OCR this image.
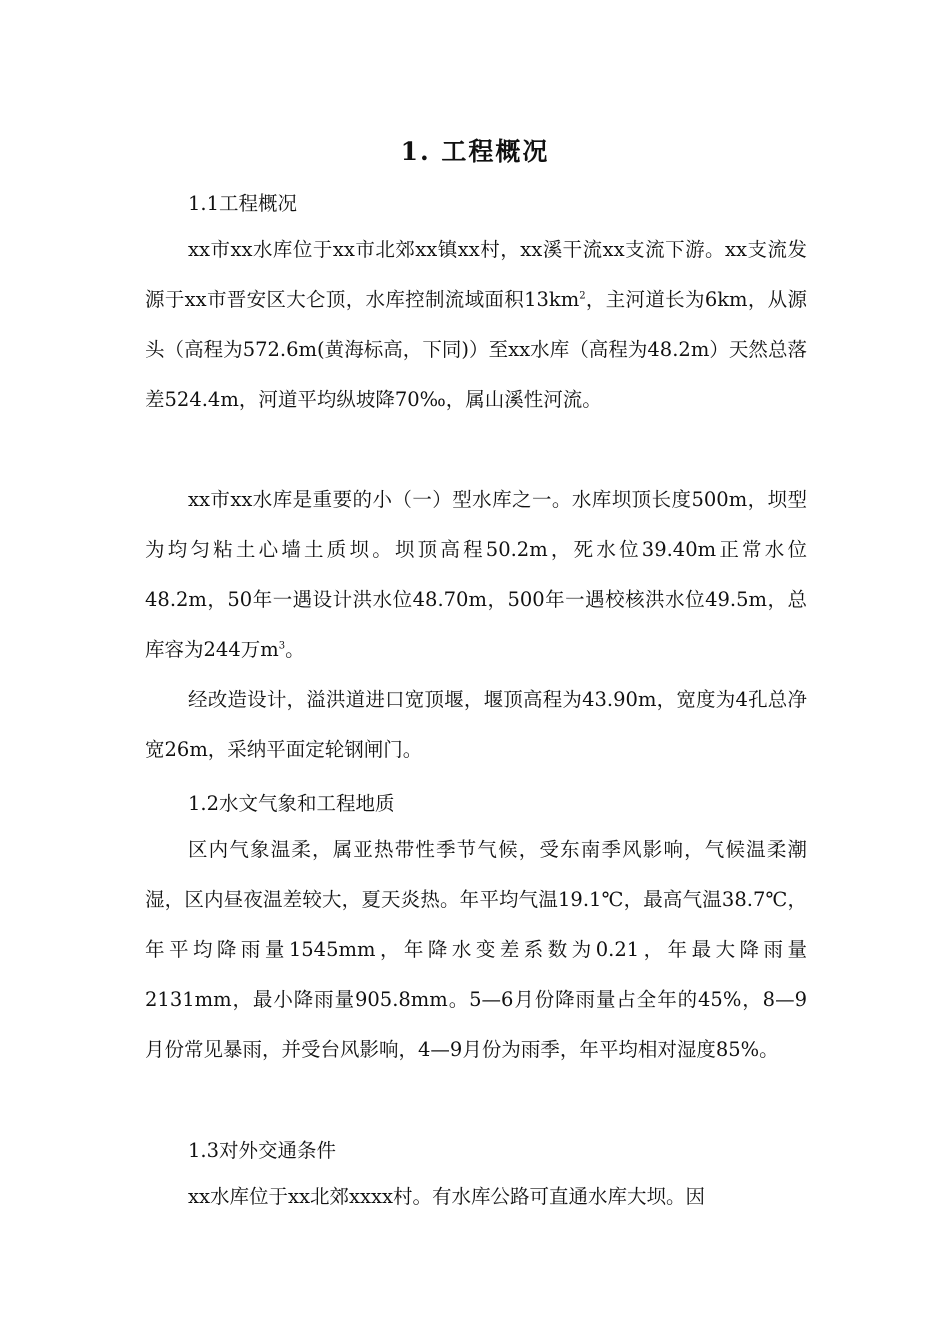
1. 工程概况
1.1工程概况
xx市xx水库位于xx市北郊xx镇xx村，xx溪干流xx支流下游。xx支流发源于xx市晋安区大仑顶，水库控制流域面积$13km^2$，主河道长为6km，从源头（高程为572.6m(黄海标高，下同)）至xx水库（高程为48.2m）天然总落差524.4m，河道平均纵坡降70‰，属山溪性河流。
xx市xx水库是重要的小（一）型水库之一。水库坝顶长度500m，坝型为均匀粘土心墙土质坝。坝顶高程50.2m，死水位39.40m正常水位48.2m，50年一遇设计洪水位48.70m，500年一遇校核洪水位49.5m，总库容为244万$m^3$。
经改造设计，溢洪道进口宽顶堰，堰顶高程为43.90m，宽度为4孔总净宽26m，采纳平面定轮钢闸门。
1.2水文气象和工程地质
区内气象温柔，属亚热带性季节气候，受东南季风影响，气候温柔潮湿，区内昼夜温差较大，夏天炎热。年平均气温19.1℃，最高气温38.7℃，年平均降雨量1545mm，年降水变差系数为0.21，年最大降雨量2131mm，最小降雨量905.8mm。5—6月份降雨量占全年的45%，8—9月份常见暴雨，并受台风影响，4—9月份为雨季，年平均相对湿度85%。
1.3对外交通条件
xx水库位于xx北郊xxxx村。有水库公路可直通水库大坝。因
